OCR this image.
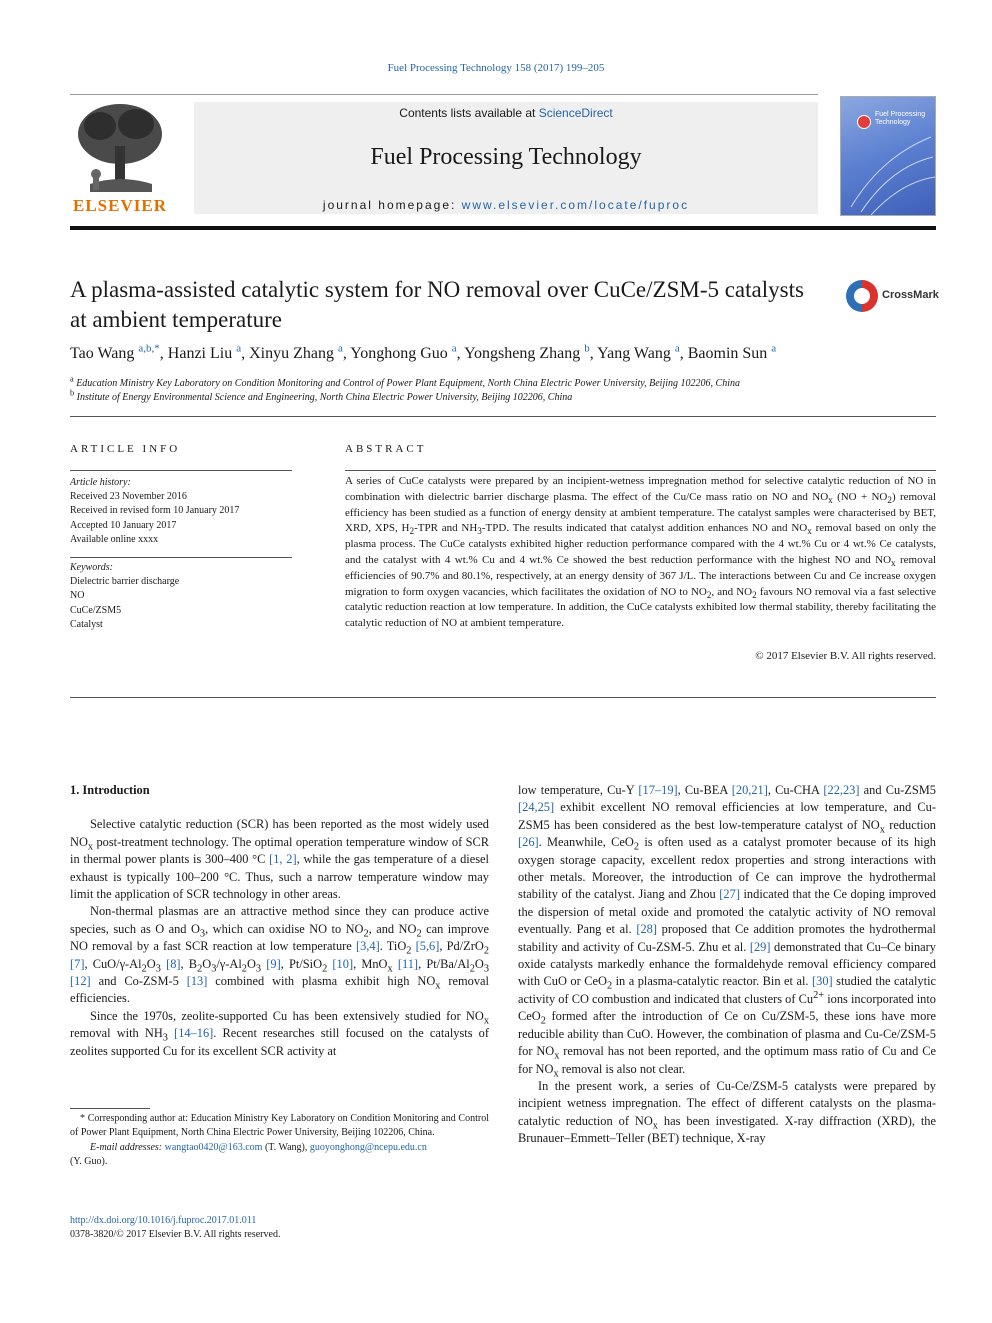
Fuel Processing Technology 158 (2017) 199–205
ELSEVIER
Contents lists available at ScienceDirect
Fuel Processing Technology
journal homepage: www.elsevier.com/locate/fuproc
Fuel Processing Technology
A plasma-assisted catalytic system for NO removal over CuCe/ZSM-5 catalysts at ambient temperature
CrossMark
Tao Wang $^{a,b,*}$, Hanzi Liu $^a$, Xinyu Zhang $^a$, Yonghong Guo $^a$, Yongsheng Zhang $^b$, Yang Wang $^a$, Baomin Sun $^a$
$^a$ Education Ministry Key Laboratory on Condition Monitoring and Control of Power Plant Equipment, North China Electric Power University, Beijing 102206, China
$^b$ Institute of Energy Environmental Science and Engineering, North China Electric Power University, Beijing 102206, China
ARTICLE INFO	ABSTRACT
Article history:
Received 23 November 2016
Received in revised form 10 January 2017
Accepted 10 January 2017
Available online xxxx
Keywords:
Dielectric barrier discharge
NO
CuCe/ZSM5
Catalyst
A series of CuCe catalysts were prepared by an incipient-wetness impregnation method for selective catalytic reduction of NO in combination with dielectric barrier discharge plasma. The effect of the Cu/Ce mass ratio on NO and $NO_x$ $(NO + NO_2)$ removal efficiency has been studied as a function of energy density at ambient temperature. The catalyst samples were characterised by BET, XRD, XPS, $H_2$-TPR and $NH_3$-TPD. The results indicated that catalyst addition enhances NO and $NO_x$ removal based on only the plasma process. The CuCe catalysts exhibited higher reduction performance compared with the 4 wt.% Cu or 4 wt.% Ce catalysts, and the catalyst with 4 wt.% Cu and 4 wt.% Ce showed the best reduction performance with the highest NO and $NO_x$ removal efficiencies of 90.7% and 80.1%, respectively, at an energy density of 367 J/L. The interactions between Cu and Ce increase oxygen migration to form oxygen vacancies, which facilitates the oxidation of NO to $NO_2$, and $NO_2$ favours NO removal via a fast selective catalytic reduction reaction at low temperature. In addition, the CuCe catalysts exhibited low thermal stability, thereby facilitating the catalytic reduction of NO at ambient temperature.
© 2017 Elsevier B.V. All rights reserved.
1. Introduction

Selective catalytic reduction (SCR) has been reported as the most widely used $NO_x$ post-treatment technology. The optimal operation temperature window of SCR in thermal power plants is 300–400 °C [1, 2], while the gas temperature of a diesel exhaust is typically 100–200 °C. Thus, such a narrow temperature window may limit the application of SCR technology in other areas.

Non-thermal plasmas are an attractive method since they can produce active species, such as O and $O_3$, which can oxidise NO to $NO_2$, and $NO_2$ can improve NO removal by a fast SCR reaction at low temperature [3,4]. TiO$_2$ [5,6], Pd/ZrO$_2$ [7], CuO/$\gamma-Al_2O_3$ [8], $B_2O_3/\gamma-Al_2O_3$ [9], Pt/SiO$_2$ [10], MnO$_x$ [11], $Pt/Ba/Al_2O_3$ [12] and Co-ZSM-5 [13] combined with plasma exhibit high $NO_x$ removal efficiencies.

Since the 1970s, zeolite-supported Cu has been extensively studied for $NO_x$ removal with $NH_3$ [14–16]. Recent researches still focused on the catalysts of zeolites supported Cu for its excellent SCR activity at

low temperature, Cu-Y [17–19], Cu-BEA [20,21], Cu-CHA [22,23] and Cu-ZSM5 [24,25] exhibit excellent NO removal efficiencies at low temperature, and Cu-ZSM5 has been considered as the best low-temperature catalyst of $NO_x$ reduction [26]. Meanwhile, CeO$_2$ is often used as a catalyst promoter because of its high oxygen storage capacity, excellent redox properties and strong interactions with other metals. Moreover, the introduction of Ce can improve the hydrothermal stability of the catalyst. Jiang and Zhou [27] indicated that the Ce doping improved the dispersion of metal oxide and promoted the catalytic activity of NO removal eventually. Pang et al. [28] proposed that Ce addition promotes the hydrothermal stability and activity of Cu-ZSM-5. Zhu et al. [29] demonstrated that Cu–Ce binary oxide catalysts markedly enhance the formaldehyde removal efficiency compared with CuO or CeO$_2$ in a plasma-catalytic reactor. Bin et al. [30] studied the catalytic activity of CO combustion and indicated that clusters of $Cu^{2+}$ ions incorporated into CeO$_2$ formed after the introduction of Ce on Cu/ZSM-5, these ions have more reducible ability than CuO. However, the combination of plasma and Cu-Ce/ZSM-5 for $NO_x$ removal has not been reported, and the optimum mass ratio of Cu and Ce for $NO_x$ removal is also not clear.

In the present work, a series of Cu-Ce/ZSM-5 catalysts were prepared by incipient wetness impregnation. The effect of different catalysts on the plasma-catalytic reduction of $NO_x$ has been investigated. X-ray diffraction (XRD), the Brunauer–Emmett–Teller (BET) technique, X-ray

* Corresponding author at: Education Ministry Key Laboratory on Condition Monitoring and Control of Power Plant Equipment, North China Electric Power University, Beijing 102206, China.
E-mail addresses: wangtao0420@163.com (T. Wang), guoyonghong@ncepu.edu.cn
(Y. Guo).
http://dx.doi.org/10.1016/j.fuproc.2017.01.011
0378-3820/© 2017 Elsevier B.V. All rights reserved.
